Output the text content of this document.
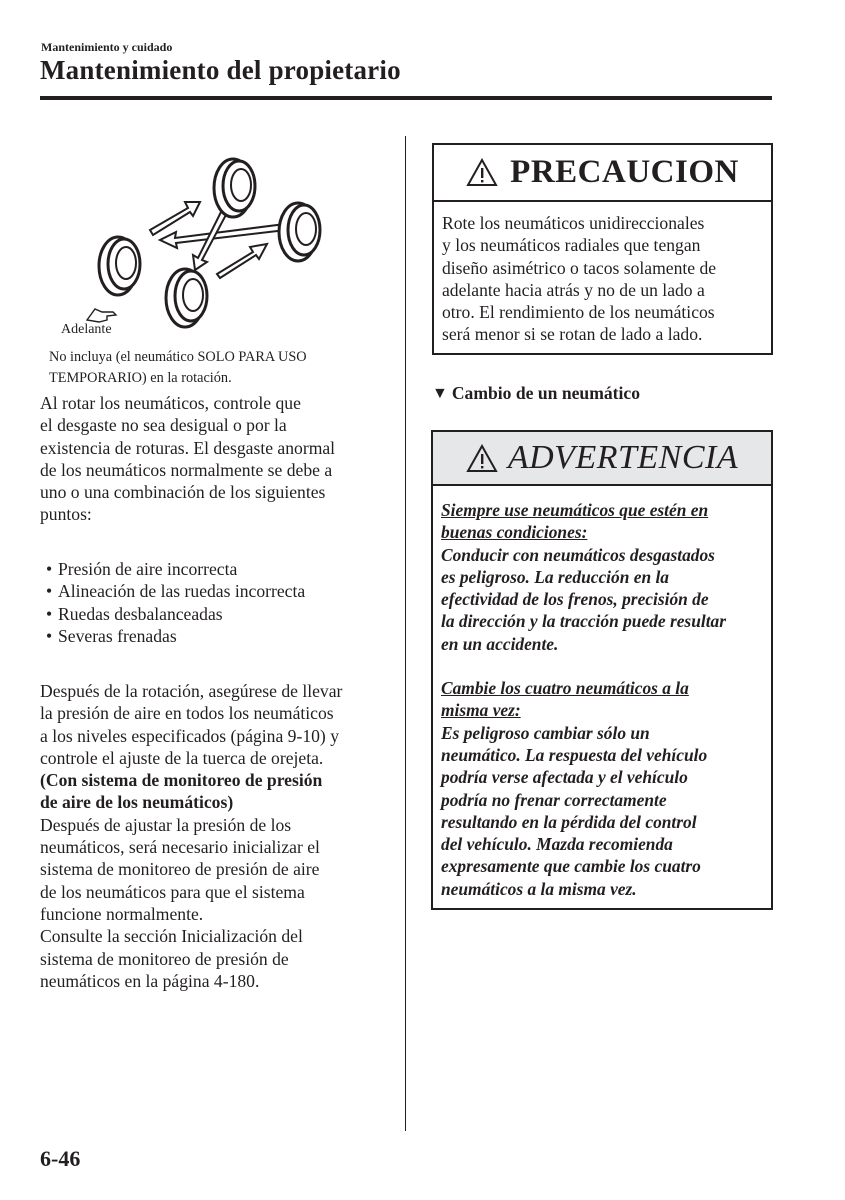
Mantenimiento y cuidado
Mantenimiento del propietario
Adelante
No incluya (el neumático SOLO PARA USO
TEMPORARIO) en la rotación.
Al rotar los neumáticos, controle que
el desgaste no sea desigual o por la
existencia de roturas. El desgaste anormal
de los neumáticos normalmente se debe a
uno o una combinación de los siguientes
puntos:
• Presión de aire incorrecta
• Alineación de las ruedas incorrecta
• Ruedas desbalanceadas
• Severas frenadas
Después de la rotación, asegúrese de llevar
la presión de aire en todos los neumáticos
a los niveles especificados (página 9-10) y
controle el ajuste de la tuerca de orejeta.
(Con sistema de monitoreo de presión
de aire de los neumáticos)
Después de ajustar la presión de los
neumáticos, será necesario inicializar el
sistema de monitoreo de presión de aire
de los neumáticos para que el sistema
funcione normalmente.
Consulte la sección Inicialización del
sistema de monitoreo de presión de
neumáticos en la página 4-180.
PRECAUCION
Rote los neumáticos unidireccionales
y los neumáticos radiales que tengan
diseño asimétrico o tacos solamente de
adelante hacia atrás y no de un lado a
otro. El rendimiento de los neumáticos
será menor si se rotan de lado a lado.
▼ Cambio de un neumático
ADVERTENCIA
Siempre use neumáticos que estén en
buenas condiciones:
Conducir con neumáticos desgastados
es peligroso. La reducción en la
efectividad de los frenos, precisión de
la dirección y la tracción puede resultar
en un accidente.
Cambie los cuatro neumáticos a la
misma vez:
Es peligroso cambiar sólo un
neumático. La respuesta del vehículo
podría verse afectada y el vehículo
podría no frenar correctamente
resultando en la pérdida del control
del vehículo. Mazda recomienda
expresamente que cambie los cuatro
neumáticos a la misma vez.
6-46
